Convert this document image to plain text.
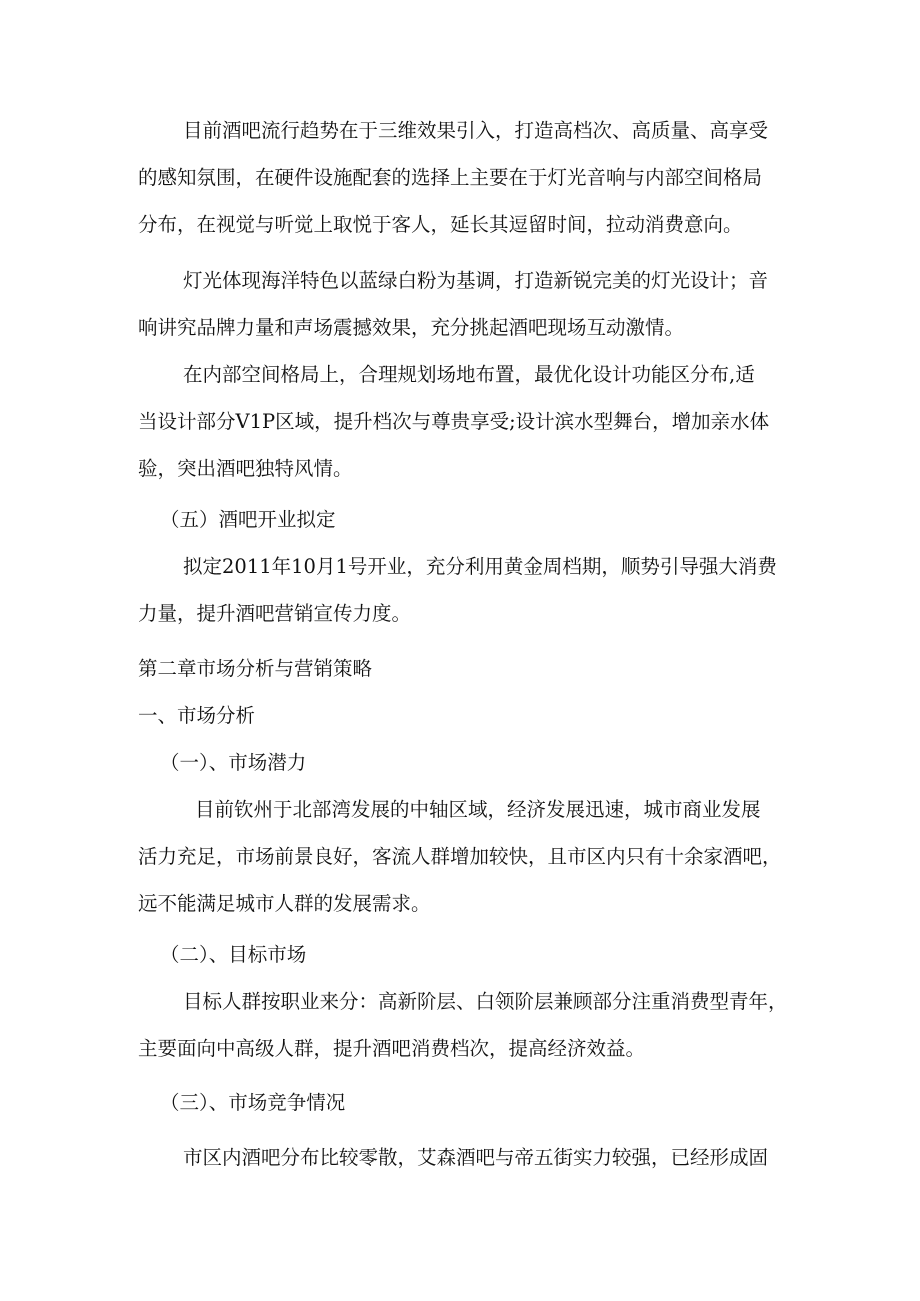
目前酒吧流行趋势在于三维效果引入，打造高档次、高质量、高享受
的感知氛围，在硬件设施配套的选择上主要在于灯光音响与内部空间格局
分布，在视觉与听觉上取悦于客人，延长其逗留时间，拉动消费意向。
灯光体现海洋特色以蓝绿白粉为基调，打造新锐完美的灯光设计；音
响讲究品牌力量和声场震撼效果，充分挑起酒吧现场互动激情。
在内部空间格局上，合理规划场地布置，最优化设计功能区分布,适
当设计部分V1P区域，提升档次与尊贵享受;设计滨水型舞台，增加亲水体
验，突出酒吧独特风情。
（五）酒吧开业拟定
拟定2011年10月1号开业，充分利用黄金周档期，顺势引导强大消费
力量，提升酒吧营销宣传力度。
第二章市场分析与营销策略
一、市场分析
（一）、市场潜力
目前钦州于北部湾发展的中轴区域，经济发展迅速，城市商业发展
活力充足，市场前景良好，客流人群增加较快，且市区内只有十余家酒吧，
远不能满足城市人群的发展需求。
（二）、目标市场
目标人群按职业来分：高新阶层、白领阶层兼顾部分注重消费型青年，
主要面向中高级人群，提升酒吧消费档次，提高经济效益。
（三）、市场竞争情况
市区内酒吧分布比较零散，艾森酒吧与帝五街实力较强，已经形成固
